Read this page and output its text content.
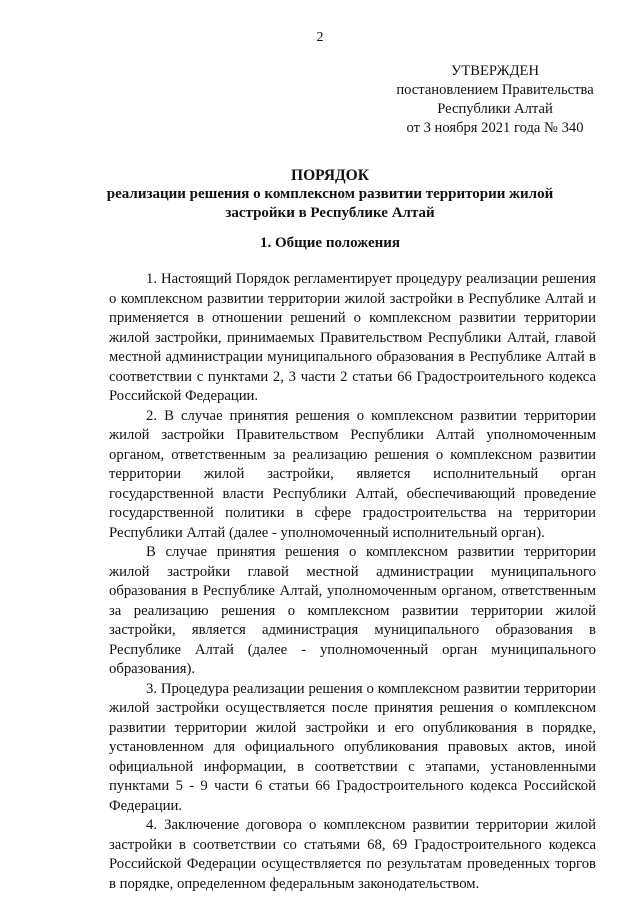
2
УТВЕРЖДЕН
постановлением Правительства
Республики Алтай
от 3 ноября 2021 года № 340
ПОРЯДОК
реализации решения о комплексном развитии территории жилой
застройки в Республике Алтай
1. Общие положения

1. Настоящий Порядок регламентирует процедуру реализации решения о комплексном развитии территории жилой застройки в Республике Алтай и применяется в отношении решений о комплексном развитии территории жилой застройки, принимаемых Правительством Республики Алтай, главой местной администрации муниципального образования в Республике Алтай в соответствии с пунктами 2, 3 части 2 статьи 66 Градостроительного кодекса Российской Федерации.

2. В случае принятия решения о комплексном развитии территории жилой застройки Правительством Республики Алтай уполномоченным органом, ответственным за реализацию решения о комплексном развитии территории жилой застройки, является исполнительный орган государственной власти Республики Алтай, обеспечивающий проведение государственной политики в сфере градостроительства на территории Республики Алтай (далее - уполномоченный исполнительный орган).

В случае принятия решения о комплексном развитии территории жилой застройки главой местной администрации муниципального образования в Республике Алтай, уполномоченным органом, ответственным за реализацию решения о комплексном развитии территории жилой застройки, является администрация муниципального образования в Республике Алтай (далее - уполномоченный орган муниципального образования).

3. Процедура реализации решения о комплексном развитии территории жилой застройки осуществляется после принятия решения о комплексном развитии территории жилой застройки и его опубликования в порядке, установленном для официального опубликования правовых актов, иной официальной информации, в соответствии с этапами, установленными пунктами 5 - 9 части 6 статьи 66 Градостроительного кодекса Российской Федерации.

4. Заключение договора о комплексном развитии территории жилой застройки в соответствии со статьями 68, 69 Градостроительного кодекса Российской Федерации осуществляется по результатам проведенных торгов в порядке, определенном федеральным законодательством.
